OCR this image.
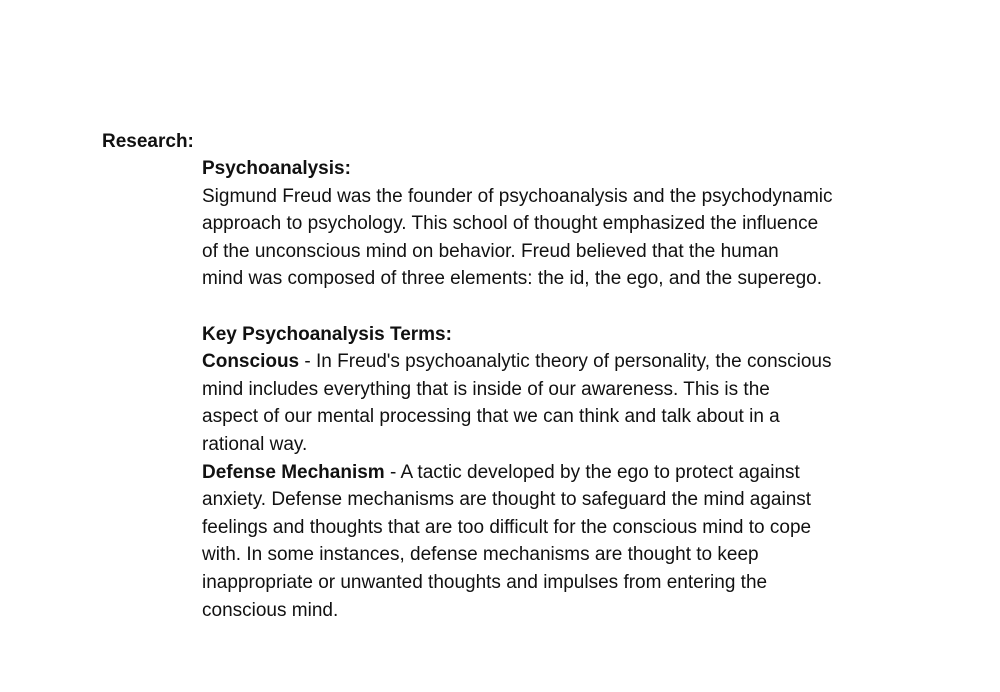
Research:

Psychoanalysis:

Sigmund Freud was the founder of psychoanalysis and the psychodynamic
approach to psychology. This school of thought emphasized the influence
of the unconscious mind on behavior. Freud believed that the human
mind was composed of three elements: the id, the ego, and the superego.

Key Psychoanalysis Terms:

Conscious - In Freud's psychoanalytic theory of personality, the conscious
mind includes everything that is inside of our awareness. This is the
aspect of our mental processing that we can think and talk about in a
rational way.

Defense Mechanism - A tactic developed by the ego to protect against
anxiety. Defense mechanisms are thought to safeguard the mind against
feelings and thoughts that are too difficult for the conscious mind to cope
with. In some instances, defense mechanisms are thought to keep
inappropriate or unwanted thoughts and impulses from entering the
conscious mind.
